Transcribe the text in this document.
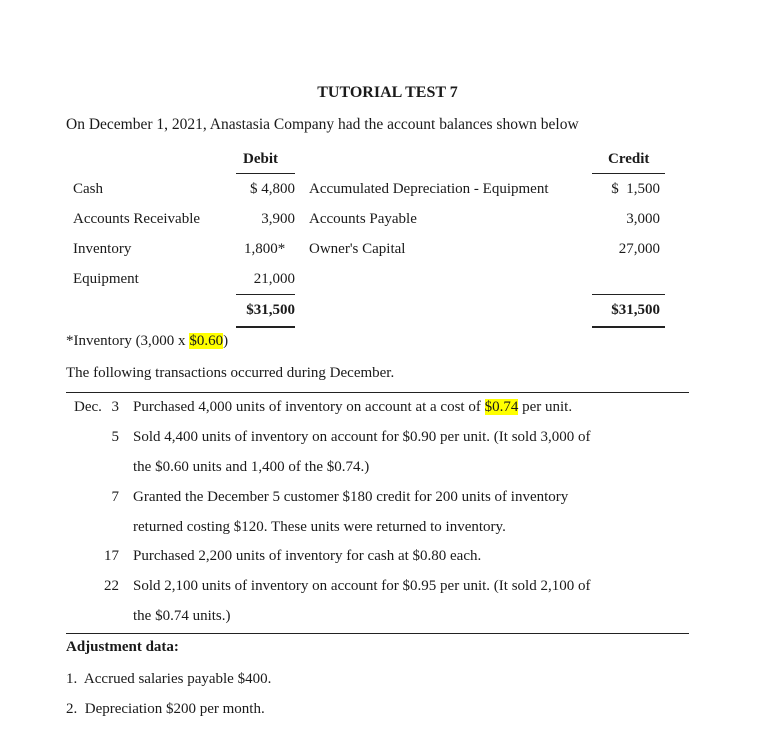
TUTORIAL TEST 7
On December 1, 2021, Anastasia Company had the account balances shown below
Debit	Credit
Cash	$ 4,800 Accumulated Depreciation - Equipment	$  1,500
Accounts Receivable	3,900 Accounts Payable	3,000
Inventory	1,800* Owner's Capital	27,000
Equipment	21,000
$31,500	$31,500
*Inventory (3,000 x $0.60)
The following transactions occurred during December.
Dec. 3 Purchased 4,000 units of inventory on account at a cost of $0.74 per unit.
5 Sold 4,400 units of inventory on account for $0.90 per unit. (It sold 3,000 of
the $0.60 units and 1,400 of the $0.74.)
7 Granted the December 5 customer $180 credit for 200 units of inventory
returned costing $120. These units were returned to inventory.
17 Purchased 2,200 units of inventory for cash at $0.80 each.
22 Sold 2,100 units of inventory on account for $0.95 per unit. (It sold 2,100 of
the $0.74 units.)
Adjustment data:
1.  Accrued salaries payable $400.
2.  Depreciation $200 per month.
